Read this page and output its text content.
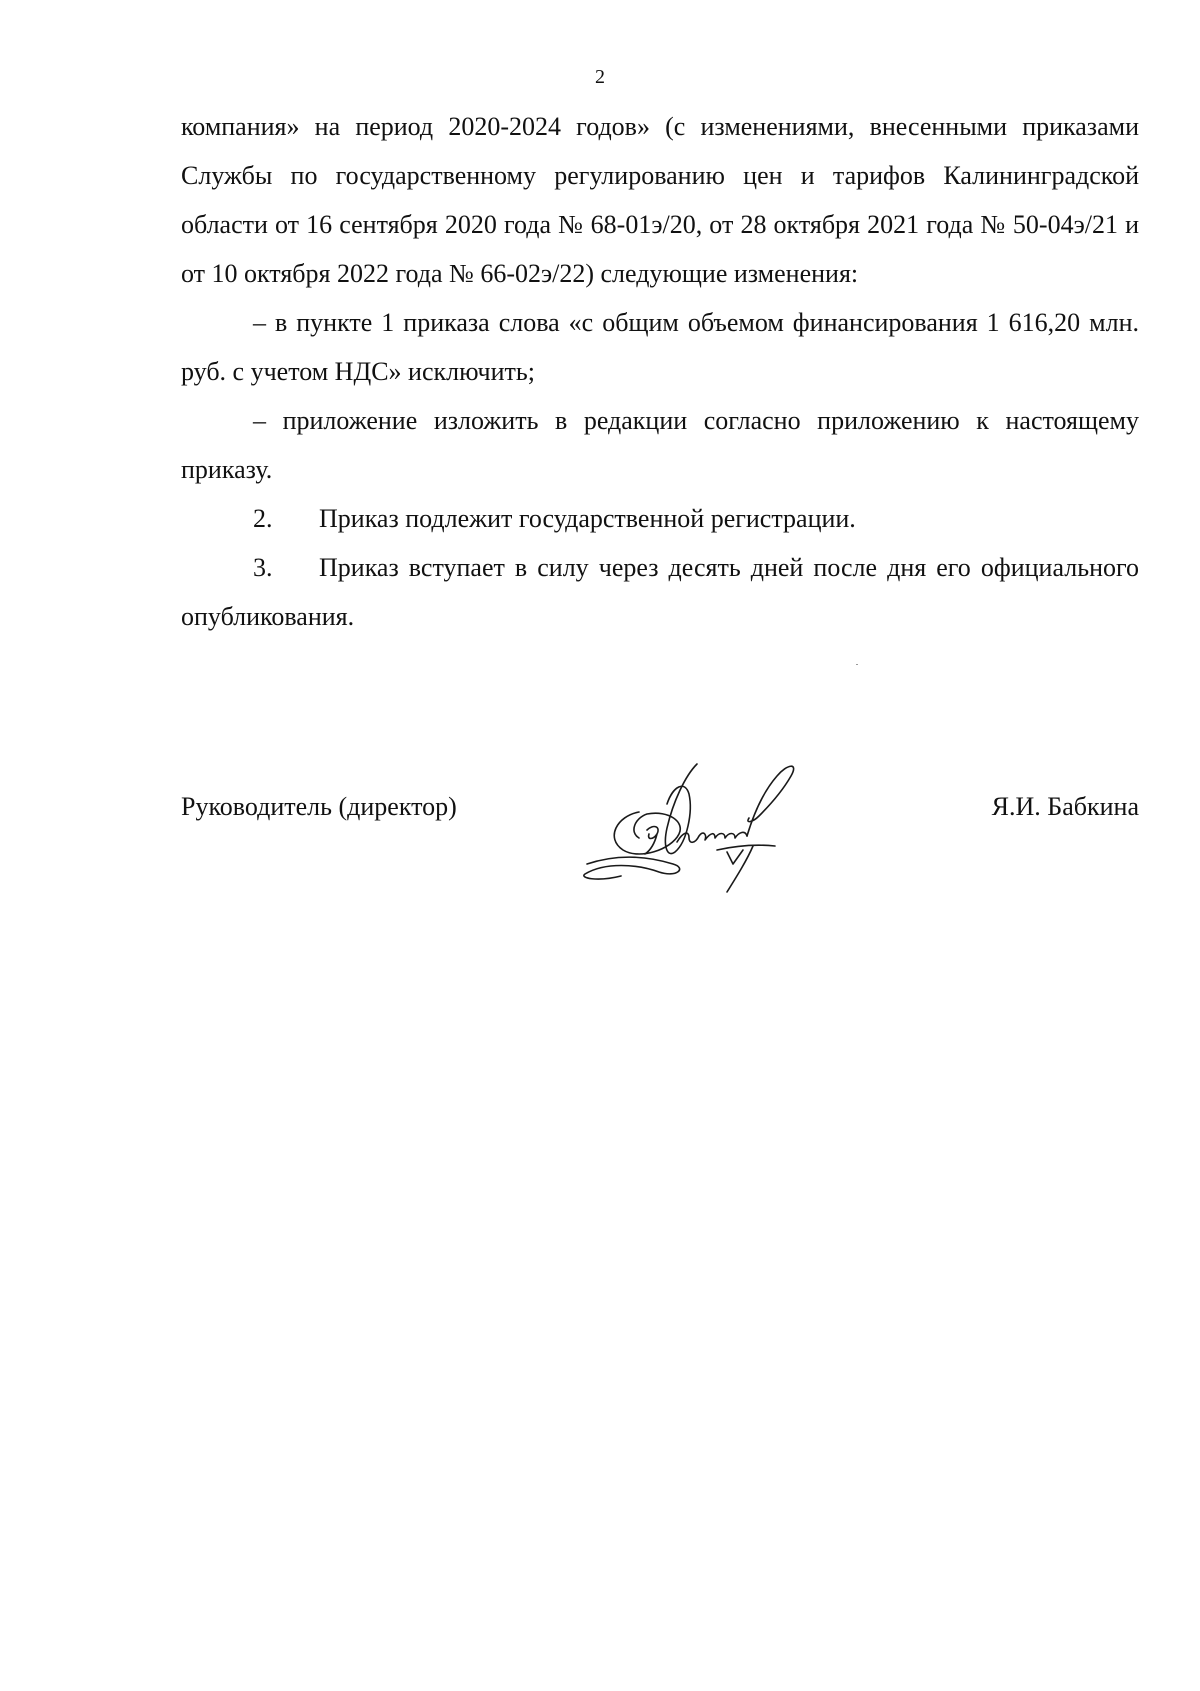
2

компания» на период 2020-2024 годов» (с изменениями, внесенными приказами Службы по государственному регулированию цен и тарифов Калининградской области от 16 сентября 2020 года № 68-01э/20, от 28 октября 2021 года № 50-04э/21 и от 10 октября 2022 года № 66-02э/22) следующие изменения:

– в пункте 1 приказа слова «с общим объемом финансирования 1 616,20 млн. руб. с учетом НДС» исключить;

– приложение изложить в редакции согласно приложению к настоящему приказу.

2. Приказ подлежит государственной регистрации.

3. Приказ вступает в силу через десять дней после дня его официального опубликования.

Руководитель (директор)	Я.И. Бабкина
